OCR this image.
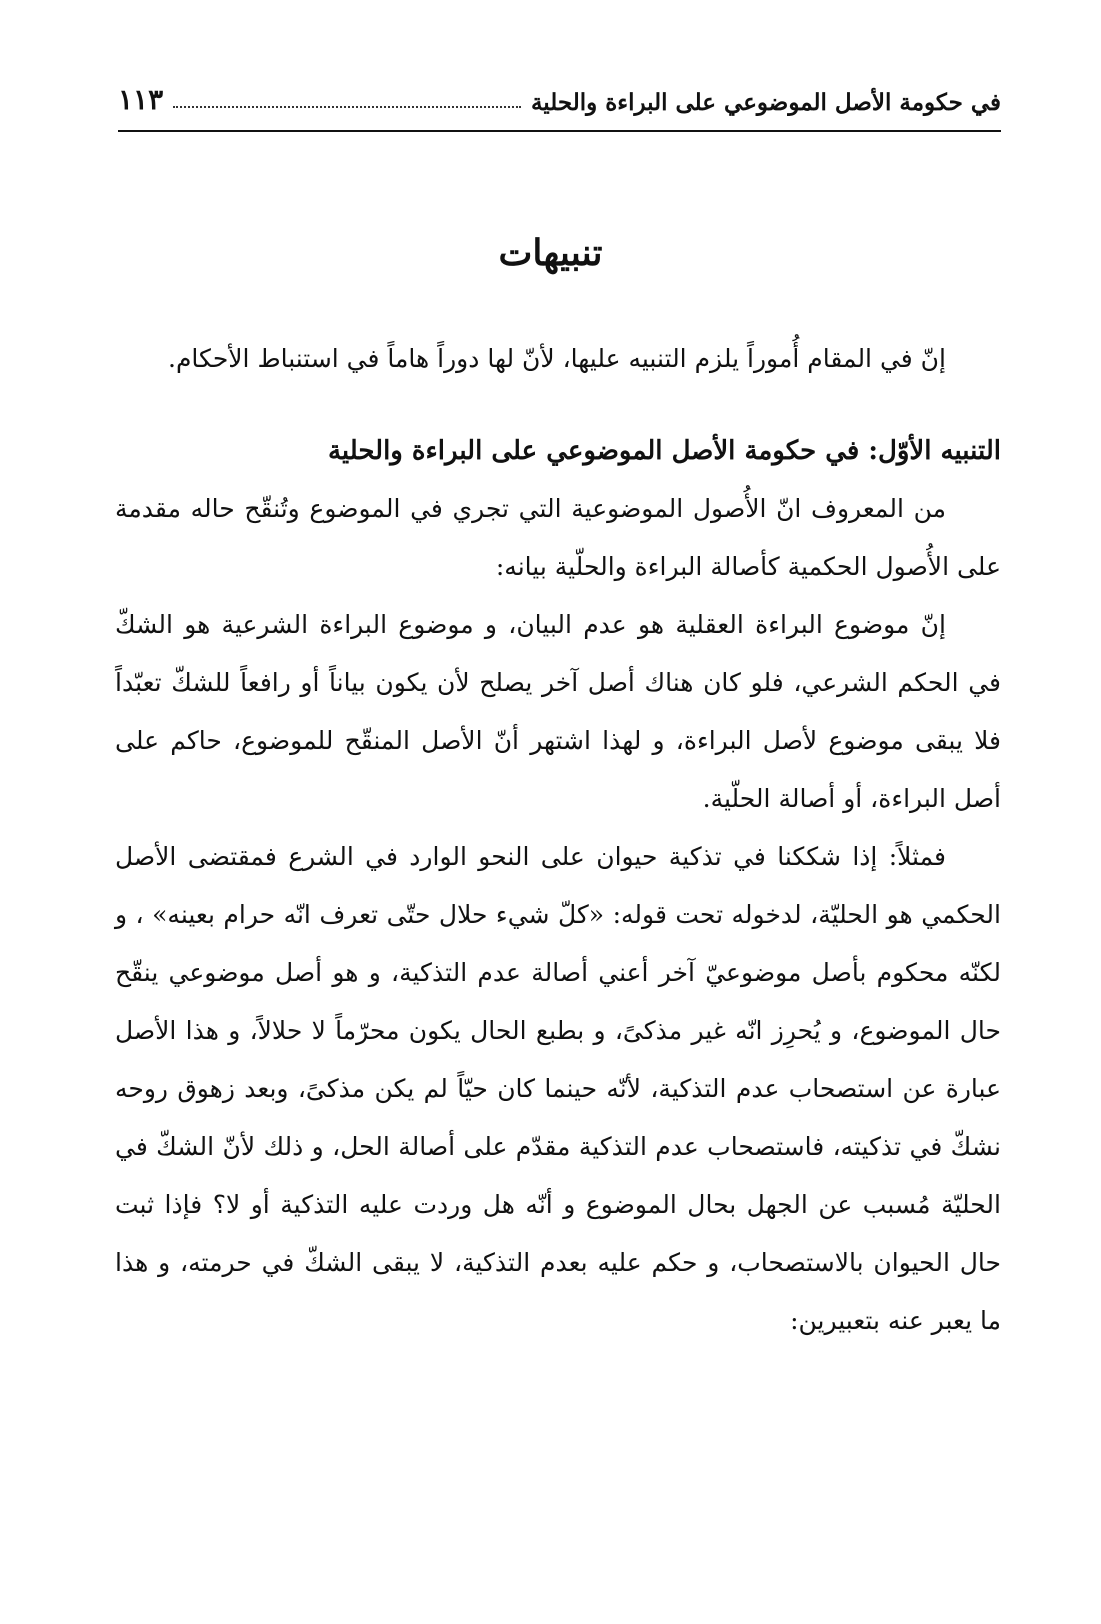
في حكومة الأصل الموضوعي على البراءة والحلية
١١٣
تنبيهات

إنّ في المقام أُموراً يلزم التنبيه عليها، لأنّ لها دوراً هاماً في استنباط الأحكام.

التنبيه الأوّل: في حكومة الأصل الموضوعي على البراءة والحلية

من المعروف انّ الأُصول الموضوعية التي تجري في الموضوع وتُنقّح حاله مقدمة على الأُصول الحكمية كأصالة البراءة والحلّية بيانه:

إنّ موضوع البراءة العقلية هو عدم البيان، و موضوع البراءة الشرعية هو الشكّ في الحكم الشرعي، فلو كان هناك أصل آخر يصلح لأن يكون بياناً أو رافعاً للشكّ تعبّداً فلا يبقى موضوع لأصل البراءة، و لهذا اشتهر أنّ الأصل المنقّح للموضوع، حاكم على أصل البراءة، أو أصالة الحلّية.

فمثلاً: إذا شككنا في تذكية حيوان على النحو الوارد في الشرع فمقتضى الأصل الحكمي هو الحليّة، لدخوله تحت قوله: «كلّ شيء حلال حتّى تعرف انّه حرام بعينه» ، و لكنّه محكوم بأصل موضوعيّ آخر أعني أصالة عدم التذكية، و هو أصل موضوعي ينقّح حال الموضوع، و يُحرِز انّه غير مذكىً، و بطبع الحال يكون محرّماً لا حلالاً، و هذا الأصل عبارة عن استصحاب عدم التذكية، لأنّه حينما كان حيّاً لم يكن مذكىً، وبعد زهوق روحه نشكّ في تذكيته، فاستصحاب عدم التذكية مقدّم على أصالة الحل، و ذلك لأنّ الشكّ في الحليّة مُسبب عن الجهل بحال الموضوع و أنّه هل وردت عليه التذكية أو لا؟ فإذا ثبت حال الحيوان بالاستصحاب، و حكم عليه بعدم التذكية، لا يبقى الشكّ في حرمته، و هذا ما يعبر عنه بتعبيرين:
